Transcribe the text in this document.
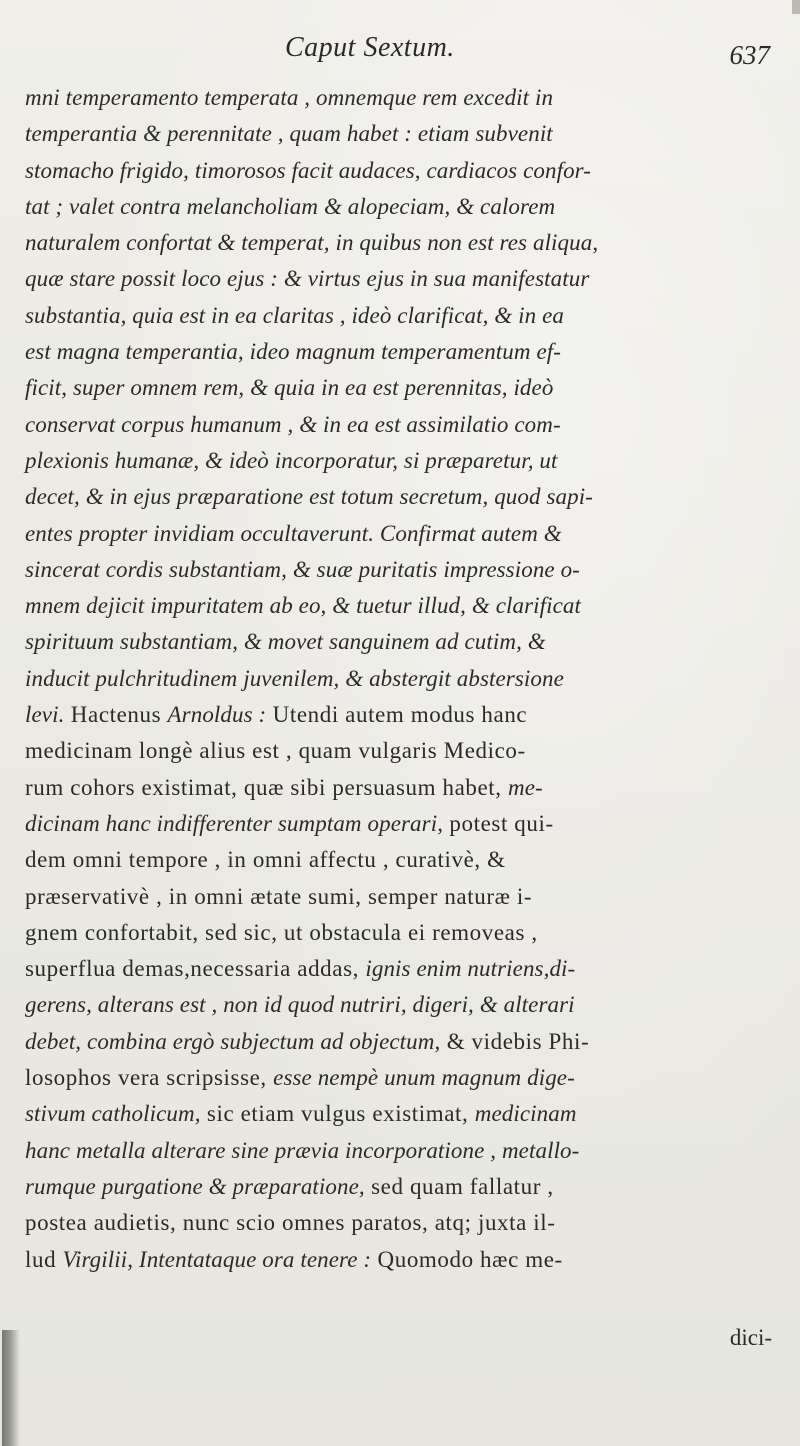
Caput Sextum.	637
mni temperamento temperata , omnemque rem excedit in
temperantia & perennitate , quam habet : etiam subvenit
stomacho frigido, timorosos facit audaces, cardiacos confor-
tat ; valet contra melancholiam & alopeciam, & calorem
naturalem confortat & temperat, in quibus non est res aliqua,
quæ stare possit loco ejus : & virtus ejus in sua manifestatur
substantia, quia est in ea claritas , ideò clarificat, & in ea
est magna temperantia, ideo magnum temperamentum ef-
ficit, super omnem rem, & quia in ea est perennitas, ideò
conservat corpus humanum , & in ea est assimilatio com-
plexionis humanæ, & ideò incorporatur, si præparetur, ut
decet, & in ejus præparatione est totum secretum, quod sapi-
entes propter invidiam occultaverunt. Confirmat autem &
sincerat cordis substantiam, & suæ puritatis impressione o-
mnem dejicit impuritatem ab eo, & tuetur illud, & clarificat
spirituum substantiam, & movet sanguinem ad cutim, &
inducit pulchritudinem juvenilem, & abstergit abstersione
levi. Hactenus Arnoldus : Utendi autem modus hanc
medicinam longè alius est , quam vulgaris Medico-
rum cohors existimat, quæ sibi persuasum habet, me-
dicinam hanc indifferenter sumptam operari, potest qui-
dem omni tempore , in omni affectu , curativè, &
præservativè , in omni ætate sumi, semper naturæ i-
gnem confortabit, sed sic, ut obstacula ei removeas ,
superflua demas,necessaria addas, ignis enim nutriens,di-
gerens, alterans est , non id quod nutriri, digeri, & alterari
debet, combina ergò subjectum ad objectum, & videbis Phi-
losophos vera scripsisse, esse nempè unum magnum dige-
stivum catholicum, sic etiam vulgus existimat, medicinam
hanc metalla alterare sine prævia incorporatione , metallo-
rumque purgatione & præparatione, sed quam fallatur ,
postea audietis, nunc scio omnes paratos, atq; juxta il-
lud Virgilii, Intentataque ora tenere : Quomodo hæc me-
dici-
